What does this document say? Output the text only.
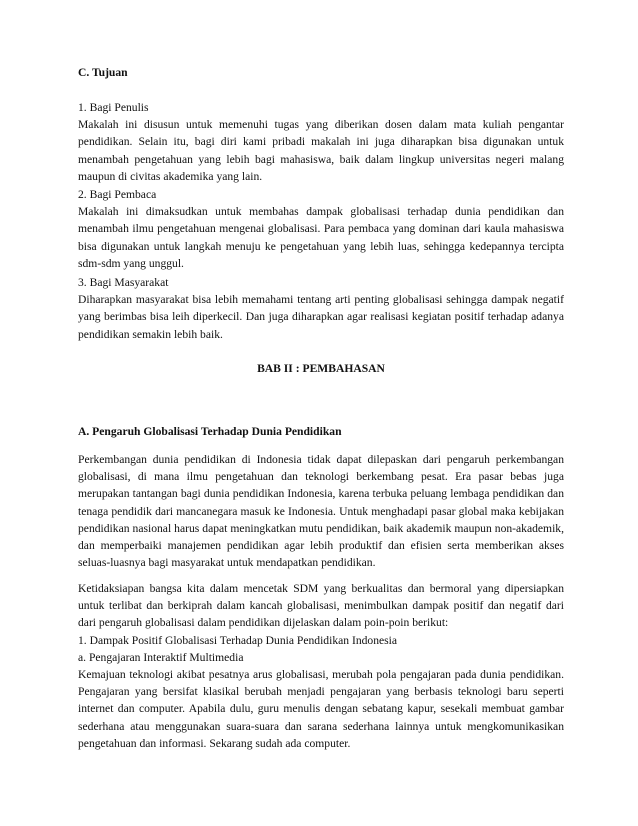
C. Tujuan

1. Bagi Penulis

Makalah ini disusun untuk memenuhi tugas yang diberikan dosen dalam mata kuliah pengantar pendidikan. Selain itu, bagi diri kami pribadi makalah ini juga diharapkan bisa digunakan untuk menambah pengetahuan yang lebih bagi mahasiswa, baik dalam lingkup universitas negeri malang maupun di civitas akademika yang lain.

2. Bagi Pembaca

Makalah ini dimaksudkan untuk membahas dampak globalisasi terhadap dunia pendidikan dan menambah ilmu pengetahuan mengenai globalisasi. Para pembaca yang dominan dari kaula mahasiswa bisa digunakan untuk langkah menuju ke pengetahuan yang lebih luas, sehingga kedepannya tercipta sdm-sdm yang unggul.

3. Bagi Masyarakat

Diharapkan masyarakat bisa lebih memahami tentang arti penting globalisasi sehingga dampak negatif yang berimbas bisa leih diperkecil. Dan juga diharapkan agar realisasi kegiatan positif terhadap adanya pendidikan semakin lebih baik.

BAB II : PEMBAHASAN
A. Pengaruh Globalisasi Terhadap Dunia Pendidikan

Perkembangan dunia pendidikan di Indonesia tidak dapat dilepaskan dari pengaruh perkembangan globalisasi, di mana ilmu pengetahuan dan teknologi berkembang pesat. Era pasar bebas juga merupakan tantangan bagi dunia pendidikan Indonesia, karena terbuka peluang lembaga pendidikan dan tenaga pendidik dari mancanegara masuk ke Indonesia. Untuk menghadapi pasar global maka kebijakan pendidikan nasional harus dapat meningkatkan mutu pendidikan, baik akademik maupun non-akademik, dan memperbaiki manajemen pendidikan agar lebih produktif dan efisien serta memberikan akses seluas-luasnya bagi masyarakat untuk mendapatkan pendidikan.

Ketidaksiapan bangsa kita dalam mencetak SDM yang berkualitas dan bermoral yang dipersiapkan untuk terlibat dan berkiprah dalam kancah globalisasi, menimbulkan dampak positif dan negatif dari dari pengaruh globalisasi dalam pendidikan dijelaskan dalam poin-poin berikut:

1. Dampak Positif Globalisasi Terhadap Dunia Pendidikan Indonesia

a. Pengajaran Interaktif Multimedia

Kemajuan teknologi akibat pesatnya arus globalisasi, merubah pola pengajaran pada dunia pendidikan. Pengajaran yang bersifat klasikal berubah menjadi pengajaran yang berbasis teknologi baru seperti internet dan computer. Apabila dulu, guru menulis dengan sebatang kapur, sesekali membuat gambar sederhana atau menggunakan suara-suara dan sarana sederhana lainnya untuk mengkomunikasikan pengetahuan dan informasi. Sekarang sudah ada computer.
